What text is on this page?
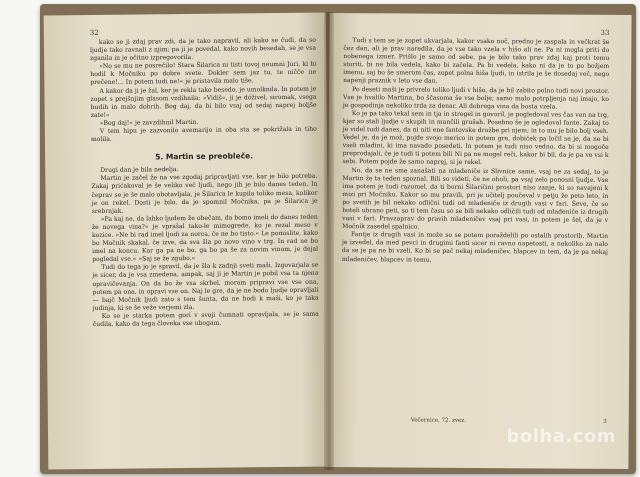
32

kako se ji zdaj prav zdi, da je tako napravil, ali kako se čudi, da so ljudje tako ravnali z njim; pa ji je povedal, kako novih besedah, se je vsa zganila in je očitno izpregovorila.

»No se mu ne posrečilo! Stara Šilarica ni tisti tovoj neumni Juri, ki bi hodil k Močniku po dobre svete. Dokler sem jaz tu, te ničče ne prečene!… In potem tudi ne!« je pristavila malo tiše.

A kakor da ji je žal, ker je rekla tako besedo, je umolknila. In potem je zopet s prejšnjim glasom vzdihnila: »Vidiš«, ji je dóživel, siromak, vsega hudih in malo dobrih. Bog daj, da bi bilo vsaj od sedaj naprej boljše zate!«

»Bog daj!« je zavzdihnil Martin.

V tem hipu je zazvonilo avemarijo in oba sta se pokrižala in tiho molila.

5. Martin se preobleče.

Drugi dan je bila nedelja.

Martin je začel že na vse zgodaj pripravljati vse, kar je bilo potreba. Zakaj prićakoval je še veliko več ljudi, nego jih je bilo danes teden. In čeprav se je še malo obotavljala, je Šilarica le kupila toliko mesa, kolikor je on rekel. Dosti je bilo, da je spomnil Močnika, pa je Šilarica je srebrnjak.

»Pa kaj ne, da lahko ljudem že obečam, da bomo imeli do danes teden že novega vina?« je vprašal tako-le mimogrede, ko je rezal meso v kozice. »Ne bi rad imel ljudi za norca, če ne bo tisto.« Le pomislite, kako bo Močnik skakal, če izve, da sva šla po novo vino v trg. In rad ne bo imel na koncu. Kar ga pa ne bo, ga bo pa še za novim vinom, je dejal pogledal vse.« »Saj se že zgubo.«

Tudi do tega jo je spravil, da je šla k zadnji sveti maši. Izgovarjala se je sicer, da je vsa zmedena, ampak, saj ji je Martin je pobil vsa ta njena opravičevanja. On da bo že vsa skrbel, moram pripravi vse vse ona, potem pa ona, in opravi vse on. Naj le gre, da je ne bodo ljudje opravljali — bajč Močnik ljudi zato s tem šunta, da ne hodi k maši, ko je taka judinja, ki se še veže verjemi zla.

Ko se je starka potem gori v svoji čumnati opravljala, se je sama čudila, kako da tega človeka vse ubogam.

33

Tudi s tem se je zopet ukvarjala, kakor vsako noč, predno je zaspala in večkrat še čez dan, ali je prav naredila, da je vse tako vzela v hišo ali ne. Pa ni mogla priti do nobenega izmer. Prišlo je samo od sebe, pa je bilo tako prav zdaj kaj proti temu storiti, bi ne bila vedela, kako bi začela. Pa bi vedela, kako ni da je to po božjem imenu, saj bo še smerom čas, zopet polna hiša ljudi, in istrila je še dosedaj več, nego napenji praznik v leto vse dan.

Po deseti maši je privrelo toliko ljudi v hišo, da je bil zabito polno tudi novi prostor. Vse je hvalilo Martina, bo ščasoma še vse bolje; samo malo potrpljenja naj imajo, ko je gospodinja nekoliko trda za denar. Ali dobrega vina da bosta vzela.

Ko je pa tako tekal sem in tja in stregel in govoril, je pogledoval ves čas ven na trg, kjer so stali ljudje v skupih in mančili grušah. Posebno še je ogledoval fante. Zakaj to je videl tudi danes, da ni niti ene fantovske družbe pri njem; in to mu je bilo bolj vseh. Vedel je, da je mož, pojde svojo merico in potem gre, dobiček pa ločil se je, da ne bi vseli mladini, ki ima navado posedeti. In potem je tudi niso vedno, da bi si mogoče preprodajali, če je tudi ti potem bili Ni pa ne mogel reči, kakor bi bil, da je pa ve vsi k sebi. Potem pojde že samo naprej, si je rekel.

No, da se ne sme zanašati na mladeniče iz Slivnice same, vsaj ne za sedaj, to je Martin že ta teden spoznal. Bili so videti, če ne oholi, pa vsaj zelo ponosni ljudje. Vse ima potem je tudi razumel, da ti borni Šilaričini prostori niso zanje, ki so navajeni k mizi pri Močniku. Kakor so mu pravili, pri je učitelj poučeval v petju že peto leto, in po svetih je bil nekako odlični tudi od mladeniče iz drugih vasi v fari. Ševe, če so hoteli ubrano peti, so ti tem času so se bili nekako odličili tudi od mladeniče iz drugih vasi v fari. Pravzaprav do pravih mladeničev vsaj pri vasi, in potem je šel, da je v Močnik zasedel spalnico.

Fantje iz drugih vasi in može so se potem poraždelili po ostalih prostorih. Martin je izvedel, da med pevci in drugimi fanti sicer ni ravno napetosti, a nekoliko za nalo da se je pa ne bi vzeli. Ko bi se pač nekaj mladeničev, hlapcev in tem, da je pa nekaj mladeničev, hlapcev in temu.

Večernice, 72. zvez.	3
bolha.com
